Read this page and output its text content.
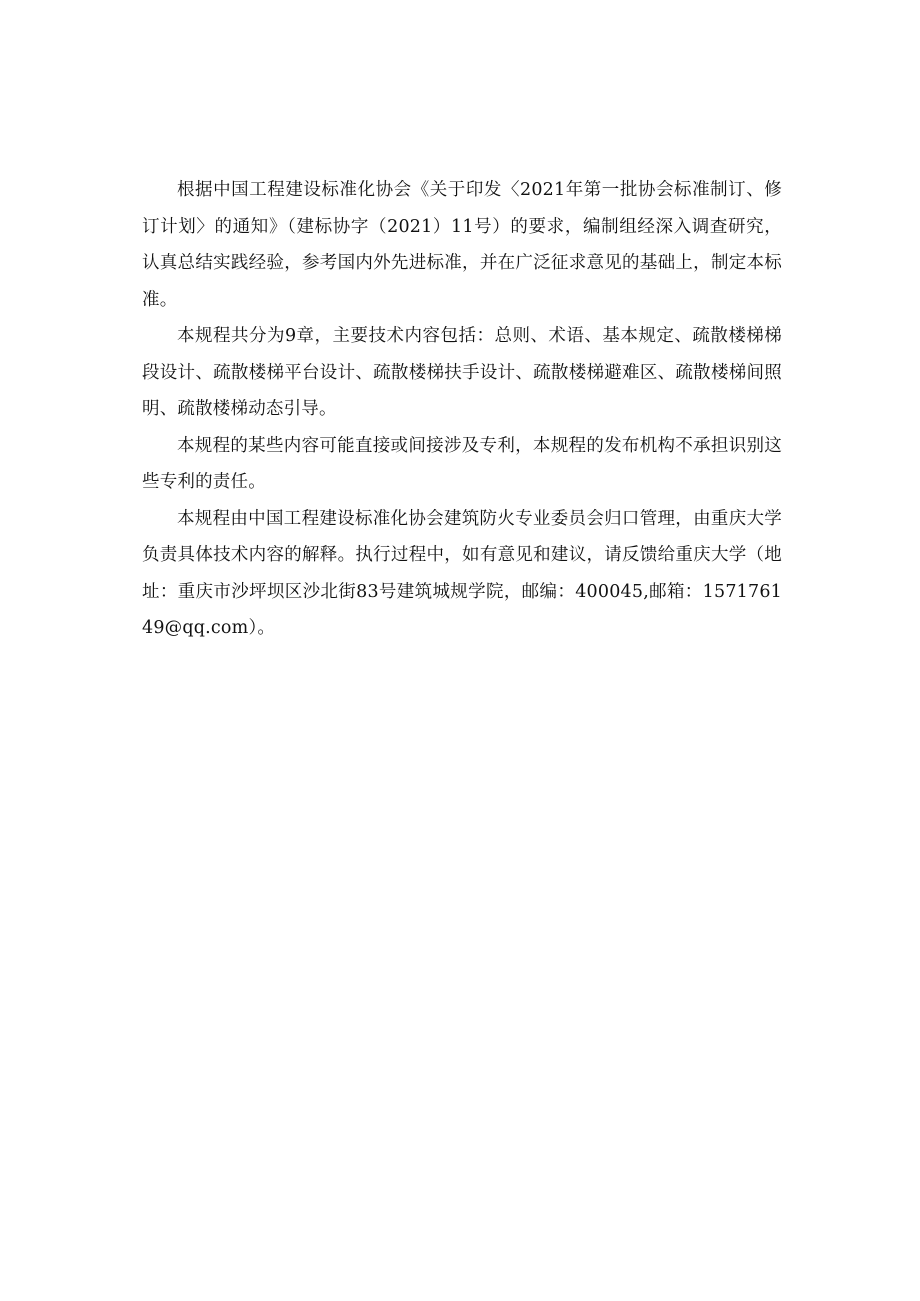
根据中国工程建设标准化协会《关于印发〈2021年第一批协会标准制订、修订计划〉的通知》（建标协字（2021）11号）的要求，编制组经深入调查研究，认真总结实践经验，参考国内外先进标准，并在广泛征求意见的基础上，制定本标准。

本规程共分为9章，主要技术内容包括：总则、术语、基本规定、疏散楼梯梯段设计、疏散楼梯平台设计、疏散楼梯扶手设计、疏散楼梯避难区、疏散楼梯间照明、疏散楼梯动态引导。

本规程的某些内容可能直接或间接涉及专利，本规程的发布机构不承担识别这些专利的责任。

本规程由中国工程建设标准化协会建筑防火专业委员会归口管理，由重庆大学负责具体技术内容的解释。执行过程中，如有意见和建议，请反馈给重庆大学（地址：重庆市沙坪坝区沙北街83号建筑城规学院，邮编：400045,邮箱：157176149@qq.com）。
